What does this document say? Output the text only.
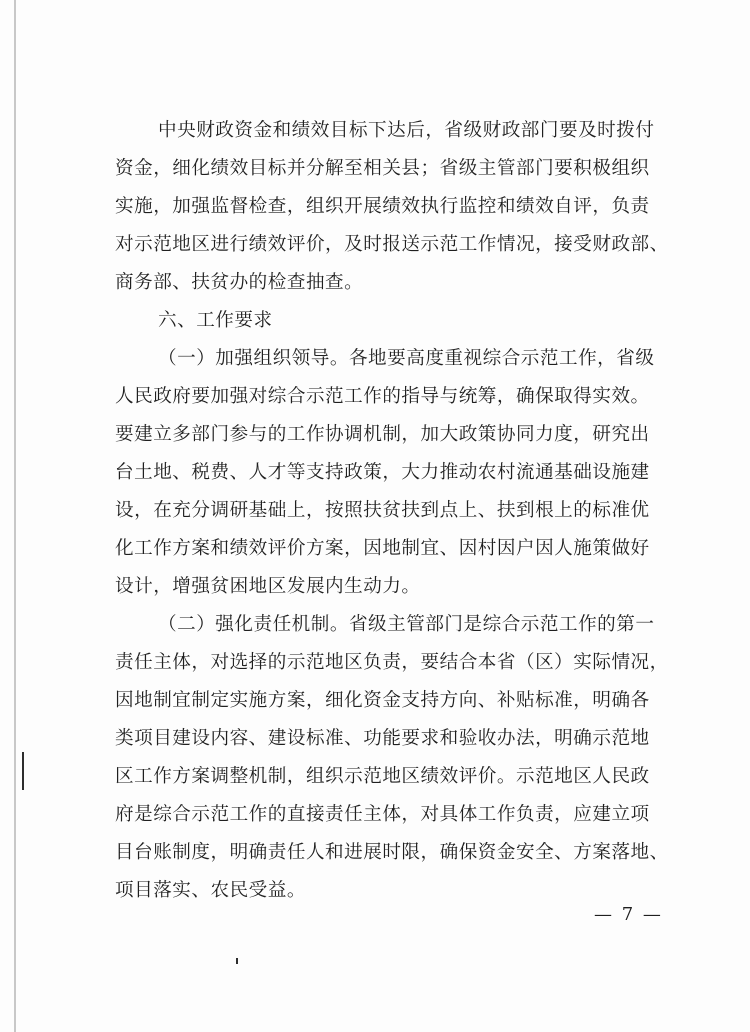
中央财政资金和绩效目标下达后，省级财政部门要及时拨付
资金，细化绩效目标并分解至相关县；省级主管部门要积极组织
实施，加强监督检查，组织开展绩效执行监控和绩效自评，负责
对示范地区进行绩效评价，及时报送示范工作情况，接受财政部、
商务部、扶贫办的检查抽查。
六、工作要求
（一）加强组织领导。各地要高度重视综合示范工作，省级
人民政府要加强对综合示范工作的指导与统筹，确保取得实效。
要建立多部门参与的工作协调机制，加大政策协同力度，研究出
台土地、税费、人才等支持政策，大力推动农村流通基础设施建
设，在充分调研基础上，按照扶贫扶到点上、扶到根上的标准优
化工作方案和绩效评价方案，因地制宜、因村因户因人施策做好
设计，增强贫困地区发展内生动力。
（二）强化责任机制。省级主管部门是综合示范工作的第一
责任主体，对选择的示范地区负责，要结合本省（区）实际情况，
因地制宜制定实施方案，细化资金支持方向、补贴标准，明确各
类项目建设内容、建设标准、功能要求和验收办法，明确示范地
区工作方案调整机制，组织示范地区绩效评价。示范地区人民政
府是综合示范工作的直接责任主体，对具体工作负责，应建立项
目台账制度，明确责任人和进展时限，确保资金安全、方案落地、
项目落实、农民受益。
— 7 —
